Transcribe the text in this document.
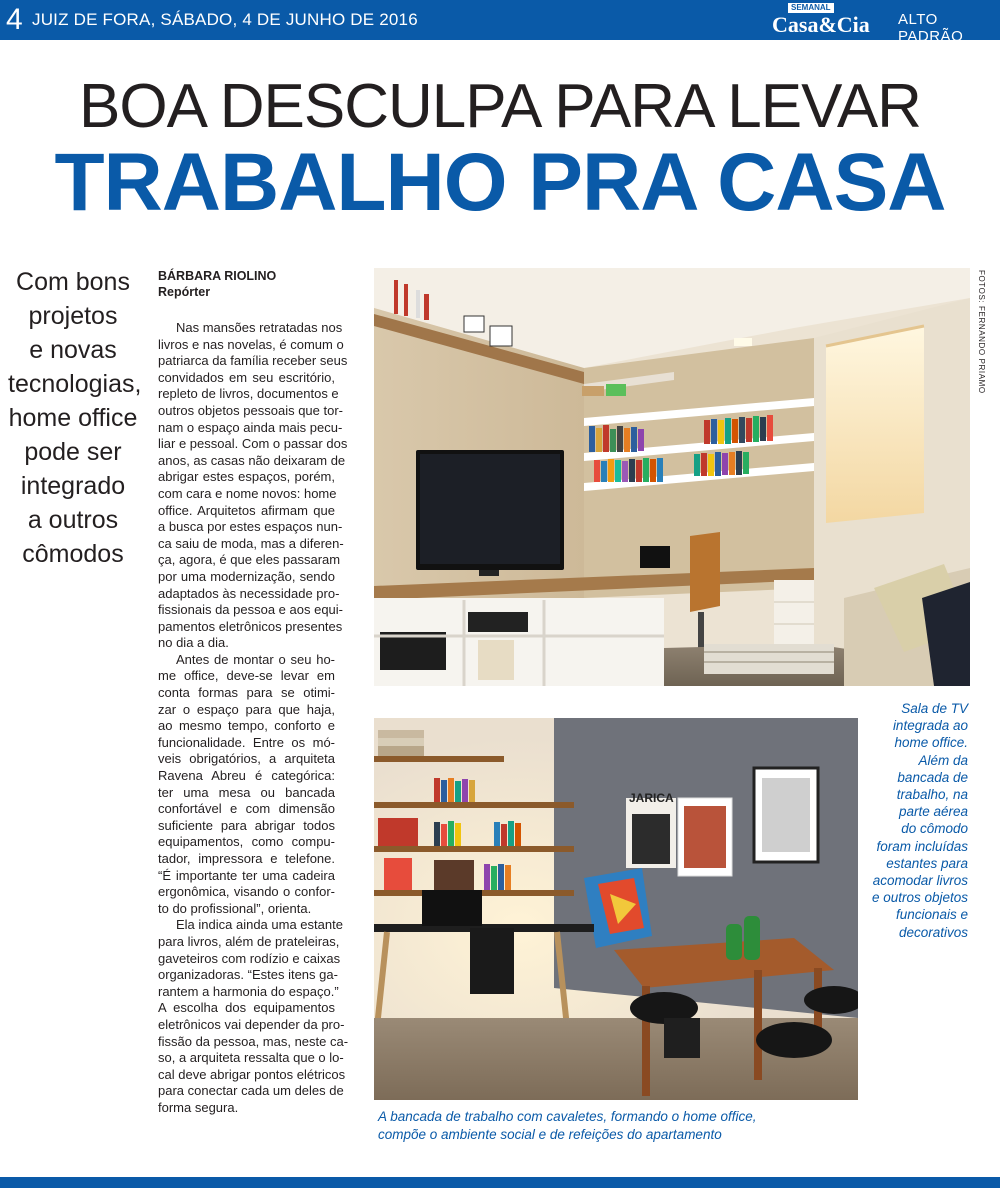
4 JUIZ DE FORA, SÁBADO, 4 DE JUNHO DE 2016
SEMANAL
Casa&Cia ALTO PADRÃO
BOA DESCULPA PARA LEVAR
TRABALHO PRA CASA
Com bons
projetos
e novas
tecnologias,
home office
pode ser
integrado
a outros
cômodos
BÁRBARA RIOLINO
Repórter
Nas mansões retratadas nos
livros e nas novelas, é comum o
patriarca da família receber seus
convidados em seu escritório,
repleto de livros, documentos e
outros objetos pessoais que tor-
nam o espaço ainda mais pecu-
liar e pessoal. Com o passar dos
anos, as casas não deixaram de
abrigar estes espaços, porém,
com cara e nome novos: home
office. Arquitetos afirmam que
a busca por estes espaços nun-
ca saiu de moda, mas a diferen-
ça, agora, é que eles passaram
por uma modernização, sendo
adaptados às necessidade pro-
fissionais da pessoa e aos equi-
pamentos eletrônicos presentes
no dia a dia.
Antes de montar o seu ho-
me office, deve-se levar em
conta formas para se otimi-
zar o espaço para que haja,
ao mesmo tempo, conforto e
funcionalidade. Entre os mó-
veis obrigatórios, a arquiteta
Ravena Abreu é categórica:
ter uma mesa ou bancada
confortável e com dimensão
suficiente para abrigar todos
equipamentos, como compu-
tador, impressora e telefone.
“É importante ter uma cadeira
ergonômica, visando o confor-
to do profissional”, orienta.
Ela indica ainda uma estante
para livros, além de prateleiras,
gaveteiros com rodízio e caixas
organizadoras. “Estes itens ga-
rantem a harmonia do espaço.”
A escolha dos equipamentos
eletrônicos vai depender da pro-
fissão da pessoa, mas, neste ca-
so, a arquiteta ressalta que o lo-
cal deve abrigar pontos elétricos
para conectar cada um deles de
forma segura.
FOTOS: FERNANDO PRIAMO
Sala de TV
integrada ao
home office.
Além da
bancada de
trabalho, na
parte aérea
do cômodo
foram incluídas
estantes para
acomodar livros
e outros objetos
funcionais e
decorativos
JARICA
A bancada de trabalho com cavaletes, formando o home office,
compõe o ambiente social e de refeições do apartamento
